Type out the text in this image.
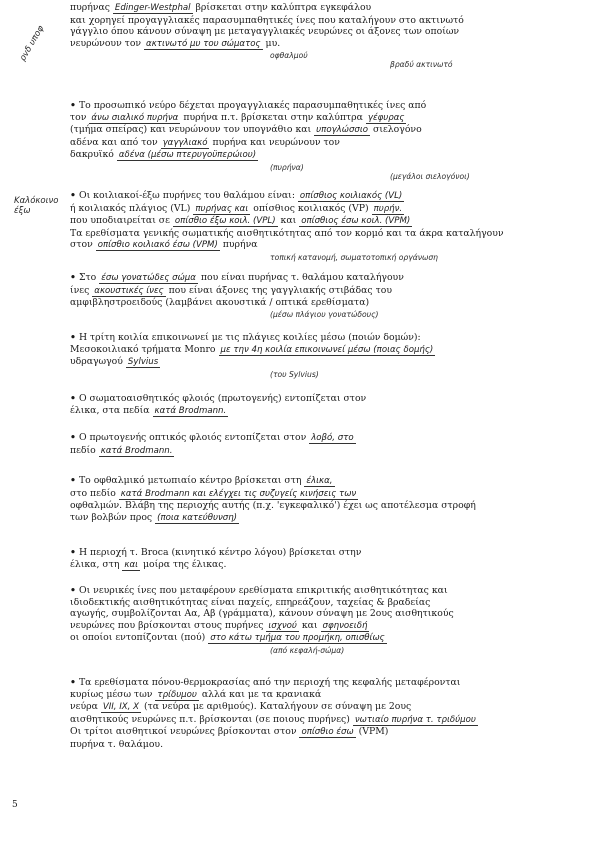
ρvδ υποφ
Kαλόκοινο
έξω
πυρήνας Edinger-Westphal βρίσκεται στην καλύπτρα εγκεφάλου
και χορηγεί προγαγγλιακές παρασυμπαθητικές ίνες που καταλήγουν στο ακτινωτό
γάγγλιο όπου κάνουν σύναψη με μεταγαγγλιακές νευρώνες οι άξονες των οποίων
νευρώνουν τον ακτινωτό μυ του σώματος μυ.
οφθαλμού
βραδύ ακτινωτό
• Το προσωπικό νεύρο δέχεται προγαγγλιακές παρασυμπαθητικές ίνες από
τον άνω σιαλικό πυρήνα πυρήνα π.τ. βρίσκεται στην καλύπτρα γέφυρας
(τμήμα σπείρας) και νευρώνουν τον υπογνάθιο και υπογλώσσιο σιελογόνο
αδένα και από τον γαγγλιακό πυρήνα και νευρώνουν τον
δακρυϊκό αδένα (μέσω πτερυγοϋπερώιου)
(πυρήνα)
(μεγάλοι σιελογόνοι)
• Οι κοιλιακοί-έξω πυρήνες του θαλάμου είναι: οπίσθιος κοιλιακός (VL)
ή κοιλιακός πλάγιος (VL) πυρήνας και οπίσθιος κοιλιακός (VP) πυρήν.
που υποδιαιρείται σε οπίσθιο έξω κοιλ. (VPL) και οπίσθιος έσω κοιλ. (VPM)
Τα ερεθίσματα γενικής σωματικής αισθητικότητας από τον κορμό και τα άκρα καταλήγουν
στον οπίσθιο κοιλιακό έσω (VPM) πυρήνα
τοπική κατανομή, σωματοτοπική οργάνωση
• Στο έσω γονατώδες σώμα που είναι πυρήνας τ. θαλάμου καταλήγουν
ίνες ακουστικές ίνες που είναι άξονες της γαγγλιακής στιβάδας του
αμφιβληστροειδούς (λαμβάνει ακουστικά / οπτικά ερεθίσματα)
(μέσω πλάγιου γονατώδους)
• Η τρίτη κοιλία επικοινωνεί με τις πλάγιες κοιλίες μέσω (ποιών δομών):
Μεσοκοιλιακό τρήματα Monro με την 4η κοιλία επικοινωνεί μέσω (ποιας δομής)
υδραγωγού Sylvius
(του Sylvius)
• Ο σωματοαισθητικός φλοιός (πρωτογενής) εντοπίζεται στον
έλικα, στα πεδία κατά Brodmann.
• Ο πρωτογενής οπτικός φλοιός εντοπίζεται στον λοβό, στο
πεδίο κατά Brodmann.
• Το οφθαλμικό μετωπιαίο κέντρο βρίσκεται στη έλικα,
στο πεδίο κατά Brodmann και ελέγχει τις συζυγείς κινήσεις των
οφθαλμών. Βλάβη της περιοχής αυτής (π.χ. 'εγκεφαλικό') έχει ως αποτέλεσμα στροφή
των βολβών προς (ποια κατεύθυνση)
• Η περιοχή τ. Broca (κινητικό κέντρο λόγου) βρίσκεται στην
έλικα, στη και μοίρα της έλικας.
• Οι νευρικές ίνες που μεταφέρουν ερεθίσματα επικριτικής αισθητικότητας και
ιδιοδεκτικής αισθητικότητας είναι παχείς, επηρεάζουν, ταχείας & βραδείας
αγωγής, συμβολίζονται Aα, Aβ (γράμματα), κάνουν σύναψη με 2ους αισθητικούς
νευρώνες που βρίσκονται στους πυρήνες ισχνού και σφηνοειδή
οι οποίοι εντοπίζονται (πού) στο κάτω τμήμα του προμήκη, οπισθίως
(από κεφαλή-σώμα)
• Τα ερεθίσματα πόνου-θερμοκρασίας από την περιοχή της κεφαλής μεταφέρονται
κυρίως μέσω των τρίδυμου αλλά και με τα κρανιακά
νεύρα VII, IX, X (τα νεύρα με αριθμούς). Καταλήγουν σε σύναψη με 2ους
αισθητικούς νευρώνες π.τ. βρίσκονται (σε ποιους πυρήνες) νωτιαίο πυρήνα τ. τριδύμου
Οι τρίτοι αισθητικοί νευρώνες βρίσκονται στον οπίσθιο έσω (VPM)
πυρήνα τ. θαλάμου.
5
